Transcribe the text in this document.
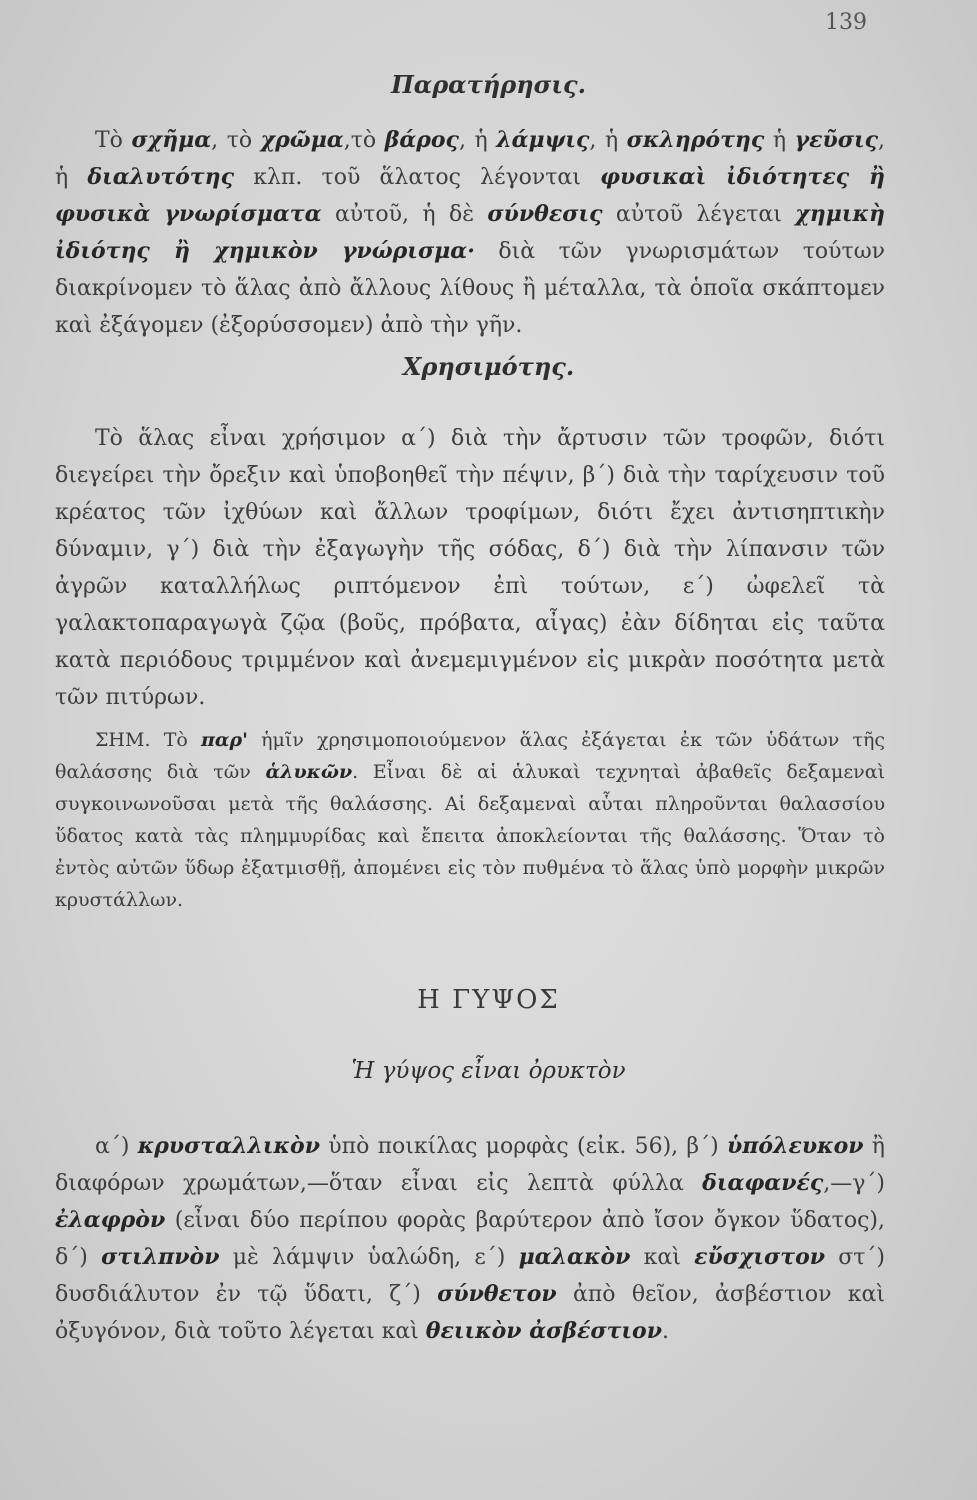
139
Παρατήρησις.

Τὸ σχῆμα, τὸ χρῶμα,τὸ βάρος, ἡ λάμψις, ἡ σκληρότης ἡ γεῦσις, ἡ διαλυτότης κλπ. τοῦ ἅλατος λέγονται φυσικαὶ ἰδιότητες ἢ φυσικὰ γνωρίσματα αὐτοῦ, ἡ δὲ σύνθεσις αὐτοῦ λέγεται χημικὴ ἰδιότης ἢ χημικὸν γνώρισμα· διὰ τῶν γνωρισμάτων τούτων διακρίνομεν τὸ ἅλας ἀπὸ ἄλλους λίθους ἢ μέταλλα, τὰ ὁποῖα σκάπτομεν καὶ ἐξάγομεν (ἐξορύσσομεν) ἀπὸ τὴν γῆν.

Χρησιμότης.

Τὸ ἅλας εἶναι χρήσιμον α΄) διὰ τὴν ἄρτυσιν τῶν τροφῶν, διότι διεγείρει τὴν ὄρεξιν καὶ ὑποβοηθεῖ τὴν πέψιν, β΄) διὰ τὴν ταρίχευσιν τοῦ κρέατος τῶν ἰχθύων καὶ ἄλλων τροφίμων, διότι ἔχει ἀντισηπτικὴν δύναμιν, γ΄) διὰ τὴν ἐξαγωγὴν τῆς σόδας, δ΄) διὰ τὴν λίπανσιν τῶν ἀγρῶν καταλλήλως ριπτόμενον ἐπὶ τούτων, ε΄) ὠφελεῖ τὰ γαλακτοπαραγωγὰ ζῷα (βοῦς, πρόβατα, αἶγας) ἐὰν δίδηται εἰς ταῦτα κατὰ περιόδους τριμμένον καὶ ἀνεμεμιγμένον εἰς μικρὰν ποσότητα μετὰ τῶν πιτύρων.

ΣΗΜ. Τὸ παρ' ἡμῖν χρησιμοποιούμενον ἅλας ἐξάγεται ἐκ τῶν ὑδάτων τῆς θαλάσσης διὰ τῶν ἁλυκῶν. Εἶναι δὲ αἱ ἁλυκαὶ τεχνηταὶ ἀβαθεῖς δεξαμεναὶ συγκοινωνοῦσαι μετὰ τῆς θαλάσσης. Αἱ δεξαμεναὶ αὗται πληροῦνται θαλασσίου ὕδατος κατὰ τὰς πλημμυρίδας καὶ ἔπειτα ἀποκλείονται τῆς θαλάσσης. Ὅταν τὸ ἐντὸς αὐτῶν ὕδωρ ἐξατμισθῇ, ἀπομένει εἰς τὸν πυθμένα τὸ ἅλας ὑπὸ μορφὴν μικρῶν κρυστάλλων.

Η ΓΥΨΟΣ
Ἡ γύψος εἶναι ὀρυκτὸν

α΄) κρυσταλλικὸν ὑπὸ ποικίλας μορφὰς (εἰκ. 56), β΄) ὑπόλευκον ἢ διαφόρων χρωμάτων,—ὅταν εἶναι εἰς λεπτὰ φύλλα διαφανές,—γ΄) ἐλαφρὸν (εἶναι δύο περίπου φορὰς βαρύτερον ἀπὸ ἴσον ὄγκον ὕδατος), δ΄) στιλπνὸν μὲ λάμψιν ὑαλώδη, ε΄) μαλακὸν καὶ εὔσχιστον στ΄) δυσδιάλυτον ἐν τῷ ὕδατι, ζ΄) σύνθετον ἀπὸ θεῖον, ἀσβέστιον καὶ ὀξυγόνον, διὰ τοῦτο λέγεται καὶ θειικὸν ἀσβέστιον.
